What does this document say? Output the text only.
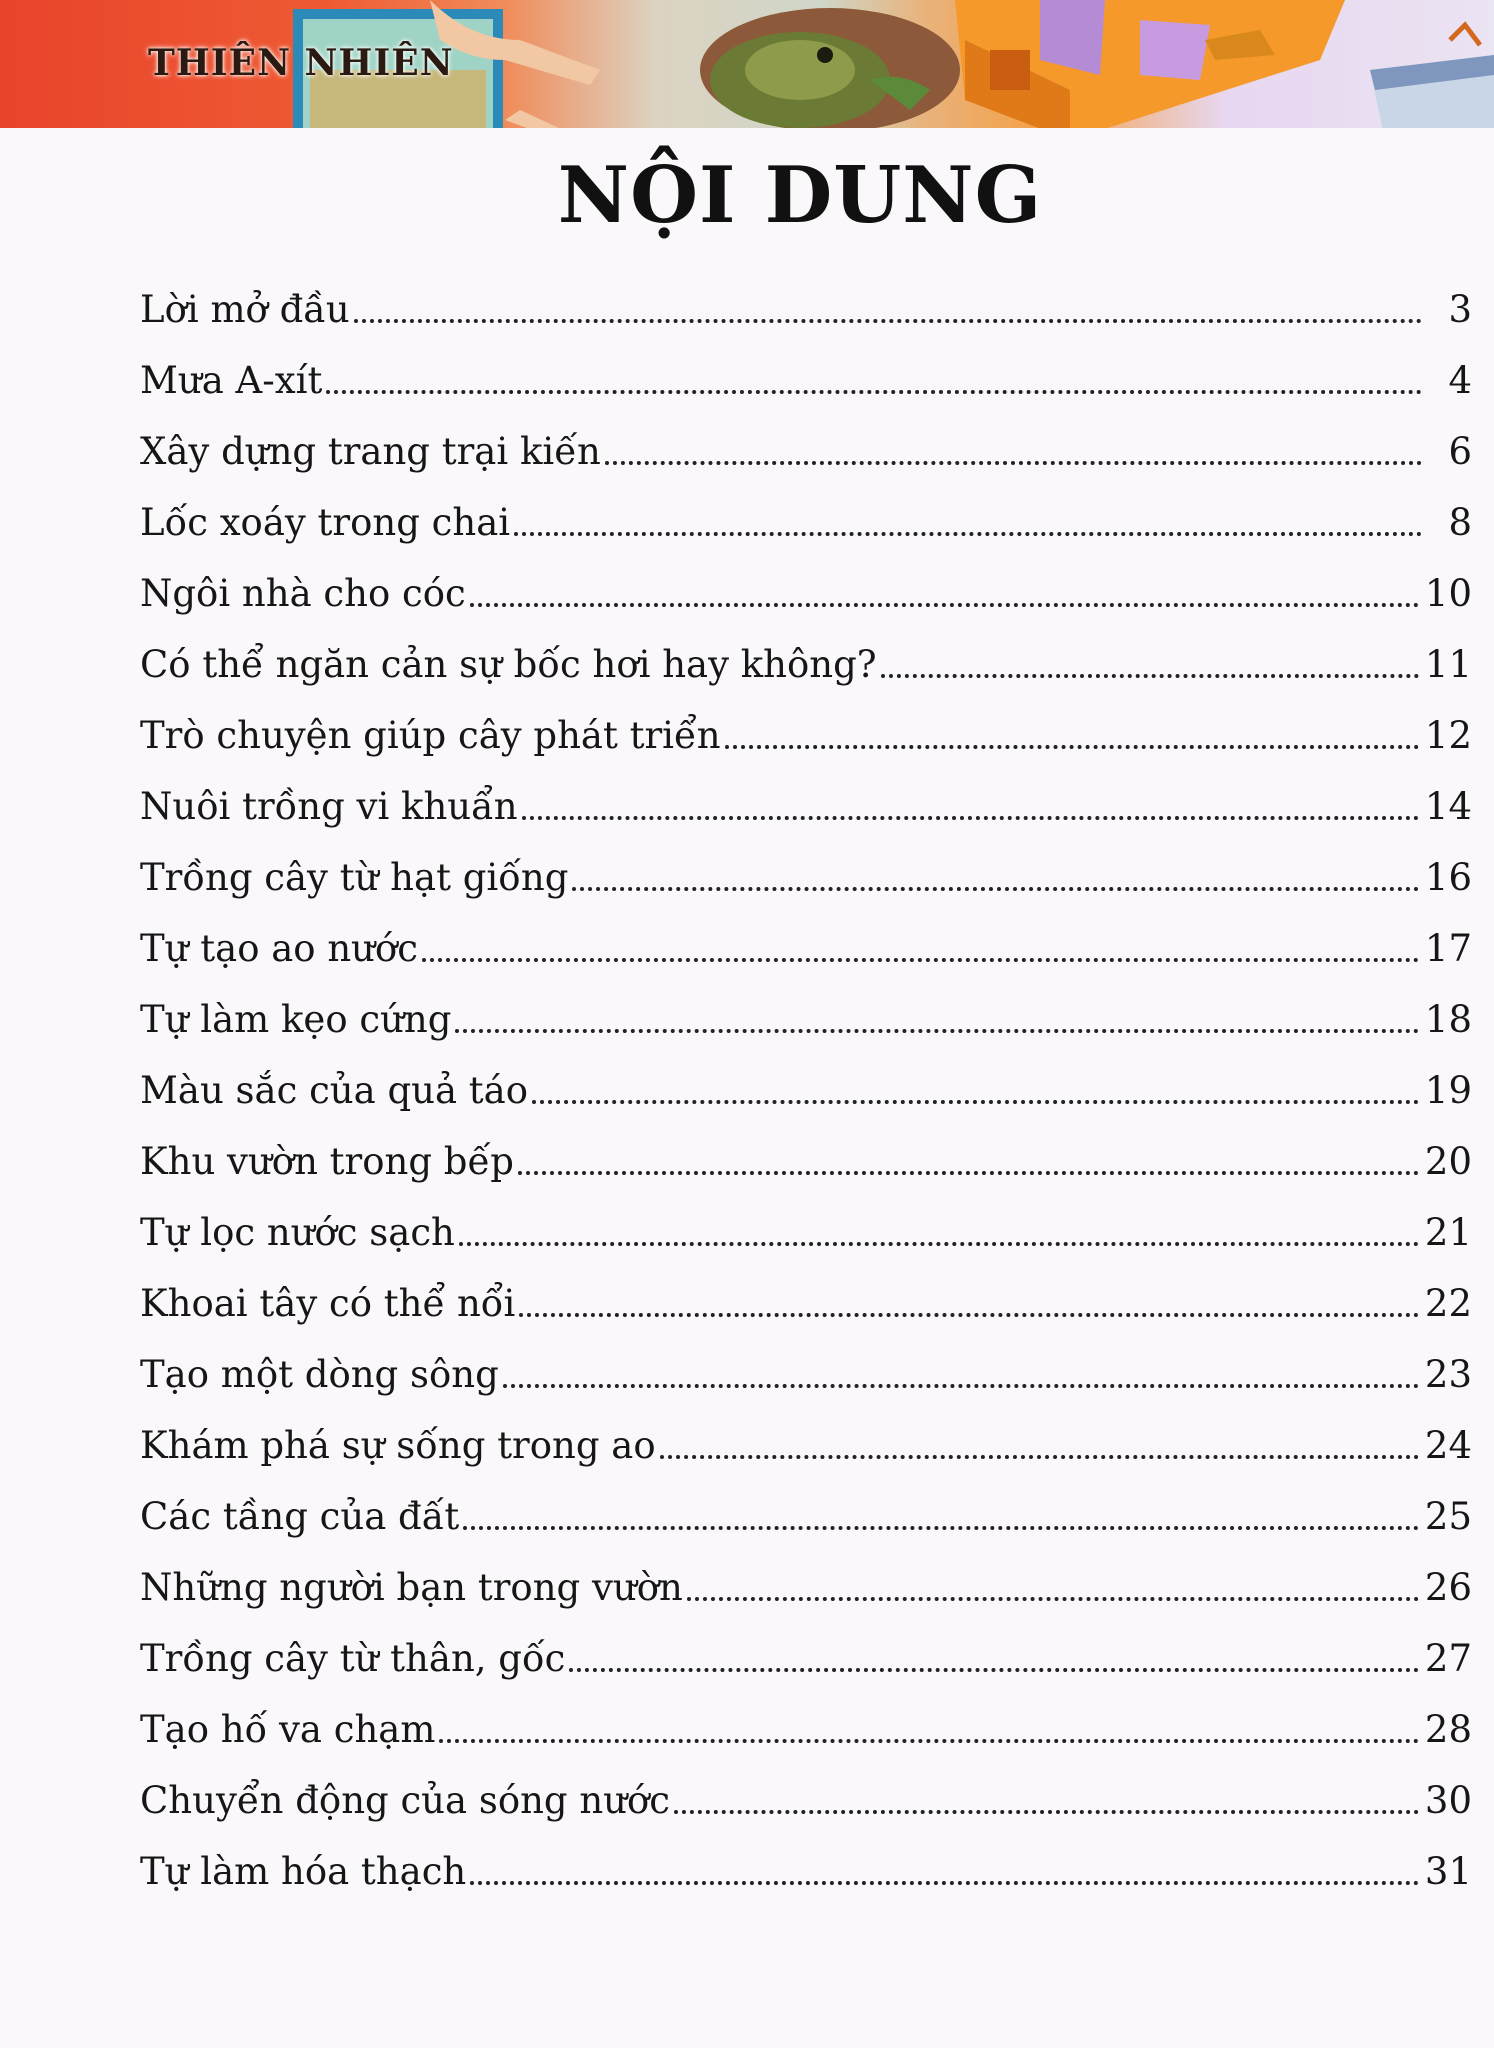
THIÊN NHIÊN
NỘI DUNG
Lời mở đầu	3
Mưa A-xít	4
Xây dựng trang trại kiến	6
Lốc xoáy trong chai	8
Ngôi nhà cho cóc	10
Có thể ngăn cản sự bốc hơi hay không?	11
Trò chuyện giúp cây phát triển	12
Nuôi trồng vi khuẩn	14
Trồng cây từ hạt giống	16
Tự tạo ao nước	17
Tự làm kẹo cứng	18
Màu sắc của quả táo	19
Khu vườn trong bếp	20
Tự lọc nước sạch	21
Khoai tây có thể nổi	22
Tạo một dòng sông	23
Khám phá sự sống trong ao	24
Các tầng của đất	25
Những người bạn trong vườn	26
Trồng cây từ thân, gốc	27
Tạo hố va chạm	28
Chuyển động của sóng nước	30
Tự làm hóa thạch	31
